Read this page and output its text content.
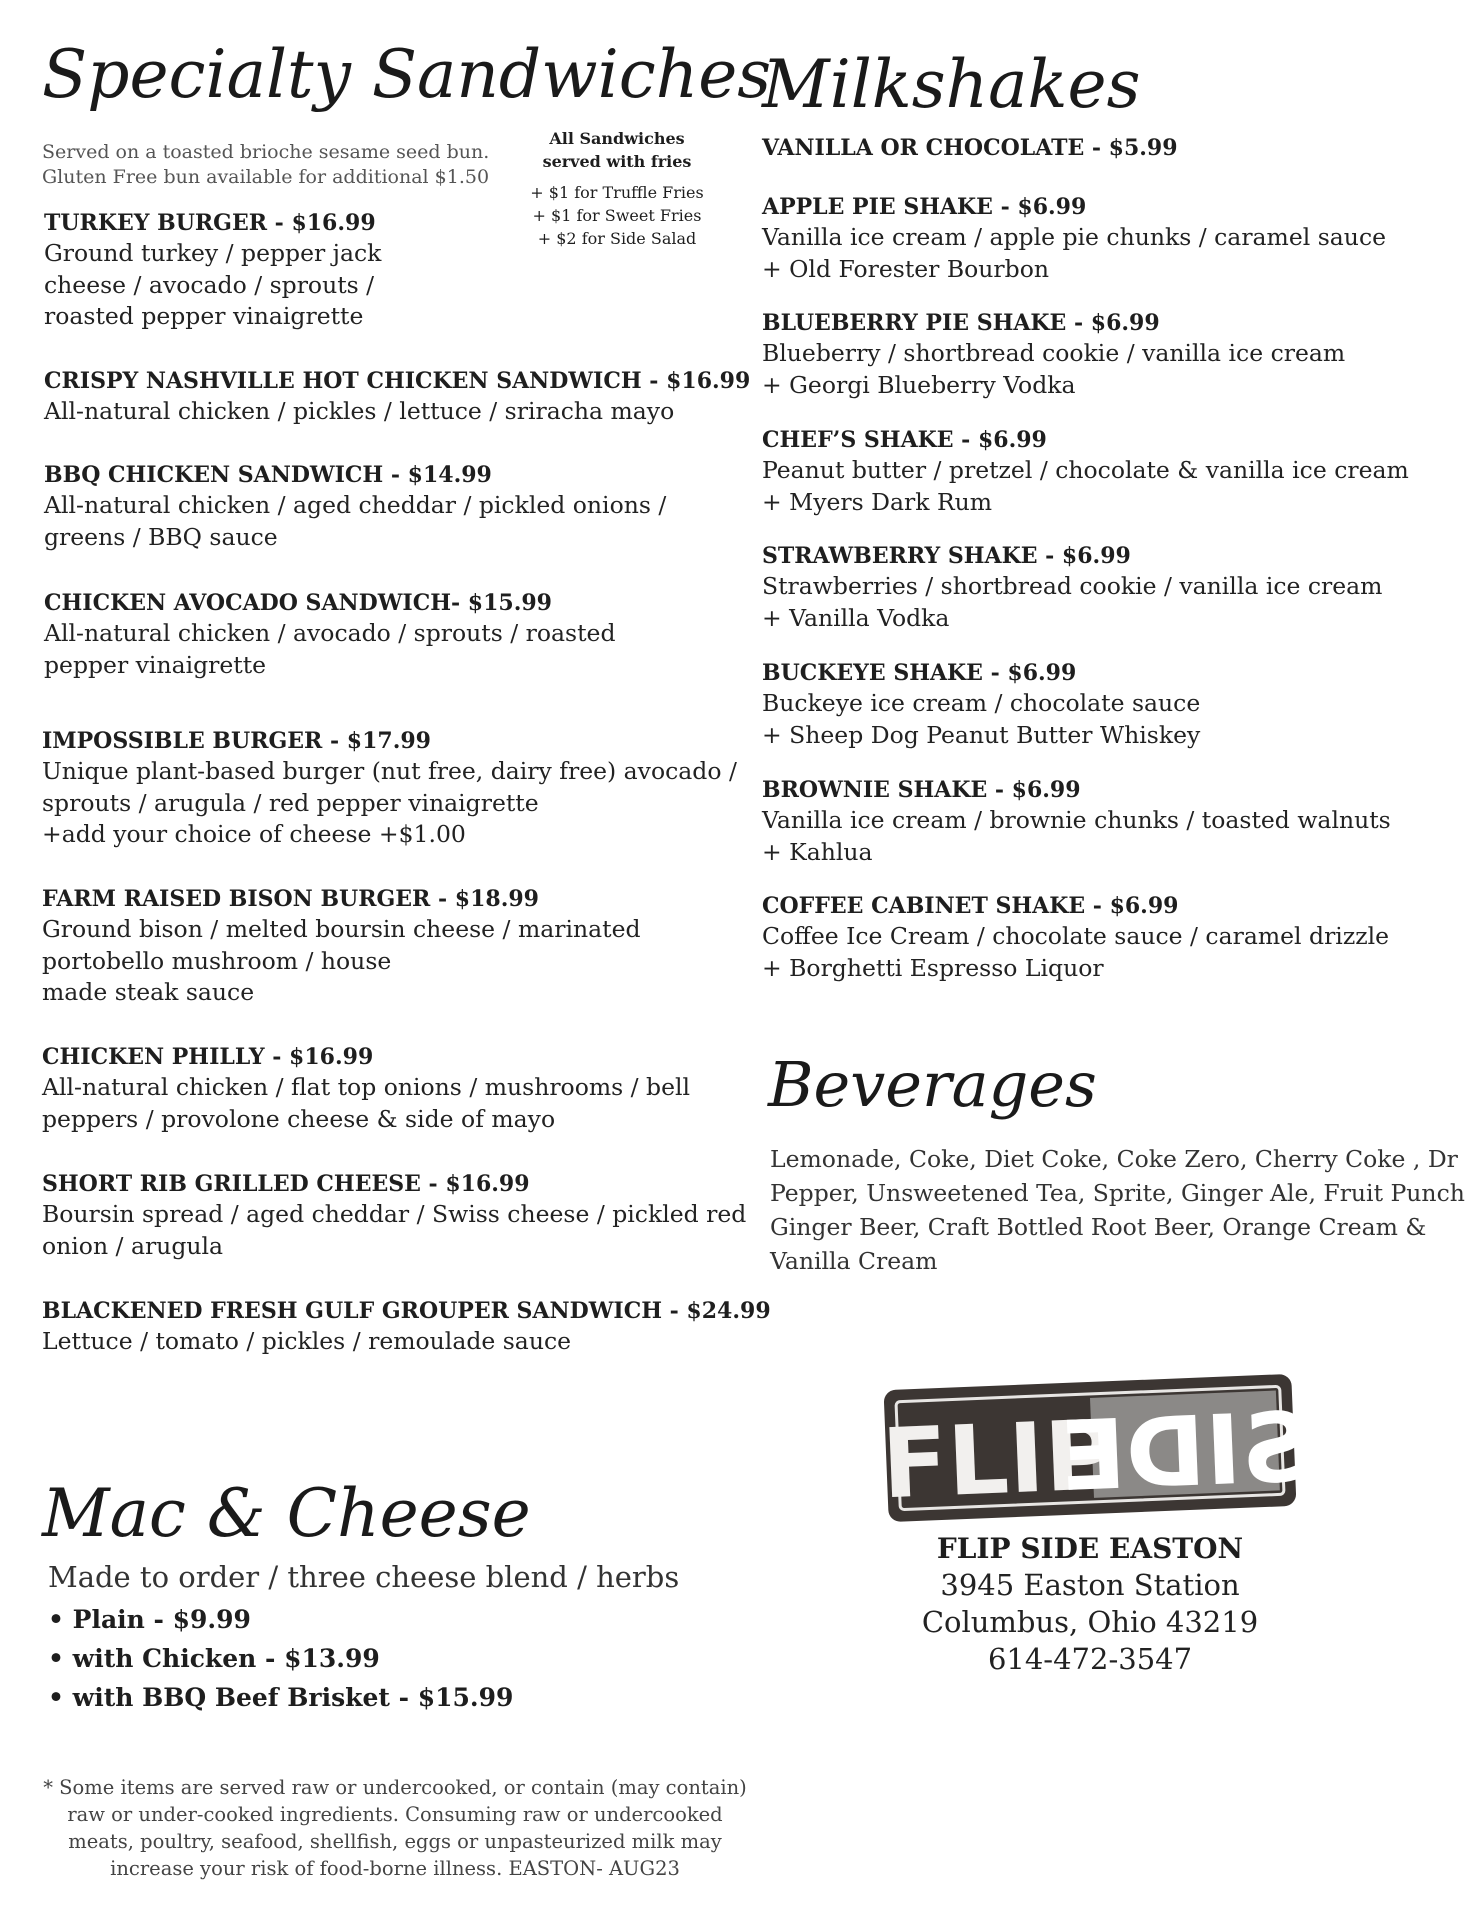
Specialty Sandwiches
Served on a toasted brioche sesame seed bun.
Gluten Free bun available for additional $1.50
All Sandwiches
served with fries
+ $1 for Truffle Fries
+ $1 for Sweet Fries
+ $2 for Side Salad
TURKEY BURGER - $16.99
Ground turkey / pepper jack
cheese / avocado / sprouts /
roasted pepper vinaigrette
CRISPY NASHVILLE HOT CHICKEN SANDWICH - $16.99
All-natural chicken / pickles / lettuce / sriracha mayo
BBQ CHICKEN SANDWICH - $14.99
All-natural chicken / aged cheddar / pickled onions /
greens / BBQ sauce
CHICKEN AVOCADO SANDWICH- $15.99
All-natural chicken / avocado / sprouts / roasted
pepper vinaigrette
IMPOSSIBLE BURGER - $17.99
Unique plant-based burger (nut free, dairy free) avocado /
sprouts / arugula / red pepper vinaigrette
+add your choice of cheese +$1.00
FARM RAISED BISON BURGER - $18.99
Ground bison / melted boursin cheese / marinated
portobello mushroom / house
made steak sauce
CHICKEN PHILLY - $16.99
All-natural chicken / flat top onions / mushrooms / bell
peppers / provolone cheese & side of mayo
SHORT RIB GRILLED CHEESE - $16.99
Boursin spread / aged cheddar / Swiss cheese / pickled red
onion / arugula
BLACKENED FRESH GULF GROUPER SANDWICH - $24.99
Lettuce / tomato / pickles / remoulade sauce
Milkshakes
VANILLA OR CHOCOLATE - $5.99
APPLE PIE SHAKE - $6.99
Vanilla ice cream / apple pie chunks / caramel sauce
+ Old Forester Bourbon
BLUEBERRY PIE SHAKE - $6.99
Blueberry / shortbread cookie / vanilla ice cream
+ Georgi Blueberry Vodka
CHEF’S SHAKE - $6.99
Peanut butter / pretzel / chocolate & vanilla ice cream
+ Myers Dark Rum
STRAWBERRY SHAKE - $6.99
Strawberries / shortbread cookie / vanilla ice cream
+ Vanilla Vodka
BUCKEYE SHAKE - $6.99
Buckeye ice cream / chocolate sauce
+ Sheep Dog Peanut Butter Whiskey
BROWNIE SHAKE - $6.99
Vanilla ice cream / brownie chunks / toasted walnuts
+ Kahlua
COFFEE CABINET SHAKE - $6.99
Coffee Ice Cream / chocolate sauce / caramel drizzle
+ Borghetti Espresso Liquor
Beverages
Lemonade, Coke, Diet Coke, Coke Zero, Cherry Coke , Dr
Pepper, Unsweetened Tea, Sprite, Ginger Ale, Fruit Punch
Ginger Beer, Craft Bottled Root Beer, Orange Cream &
Vanilla Cream
Mac & Cheese
Made to order / three cheese blend / herbs
• Plain - $9.99
• with Chicken - $13.99
• with BBQ Beef Brisket - $15.99
FLIP
SIDE
FLIP SIDE EASTON
3945 Easton Station
Columbus, Ohio 43219
614-472-3547
* Some items are served raw or undercooked, or contain (may contain)
raw or under-cooked ingredients. Consuming raw or undercooked
meats, poultry, seafood, shellfish, eggs or unpasteurized milk may
increase your risk of food-borne illness. EASTON- AUG23
